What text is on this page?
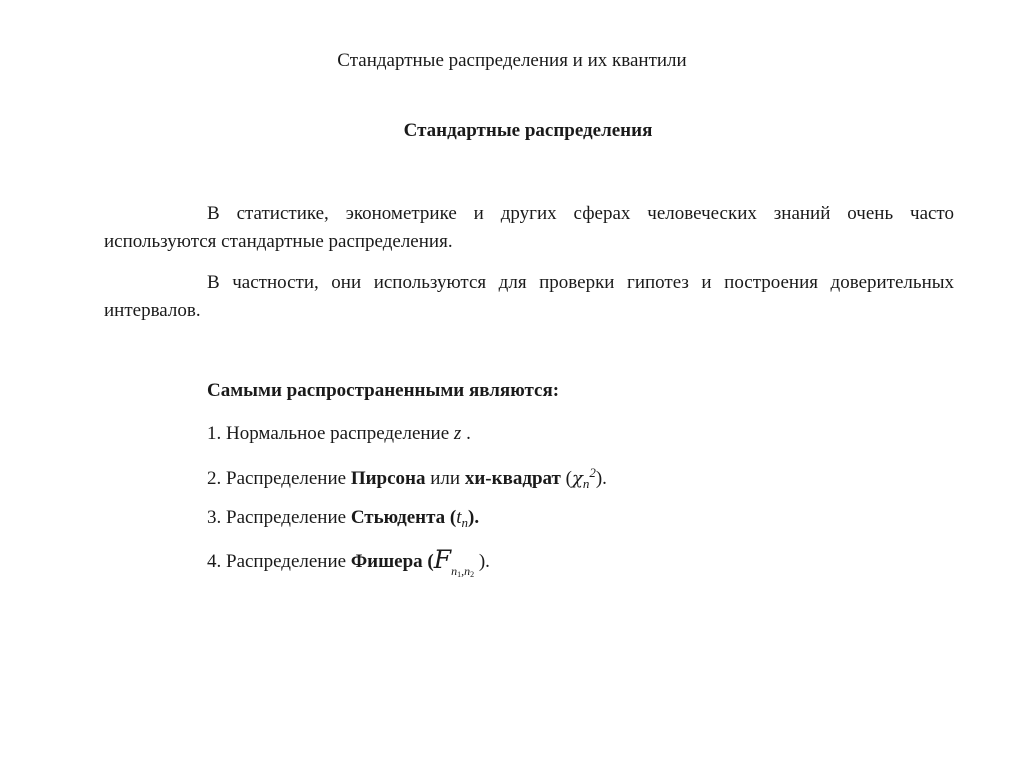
Стандартные распределения и их квантили
Стандартные распределения

В статистике, эконометрике и других сферах человеческих знаний очень часто используются стандартные распределения.

В частности, они используются для проверки гипотез и построения доверительных интервалов.

Самыми распространенными являются:
1. Нормальное распределение z .
2. Распределение Пирсона или хи-квадрат $(\chi_n^2)$.
3. Распределение Стьюдента $(t_n)$.
4. Распределение Фишера ($F_{n1,n2}$ ).
